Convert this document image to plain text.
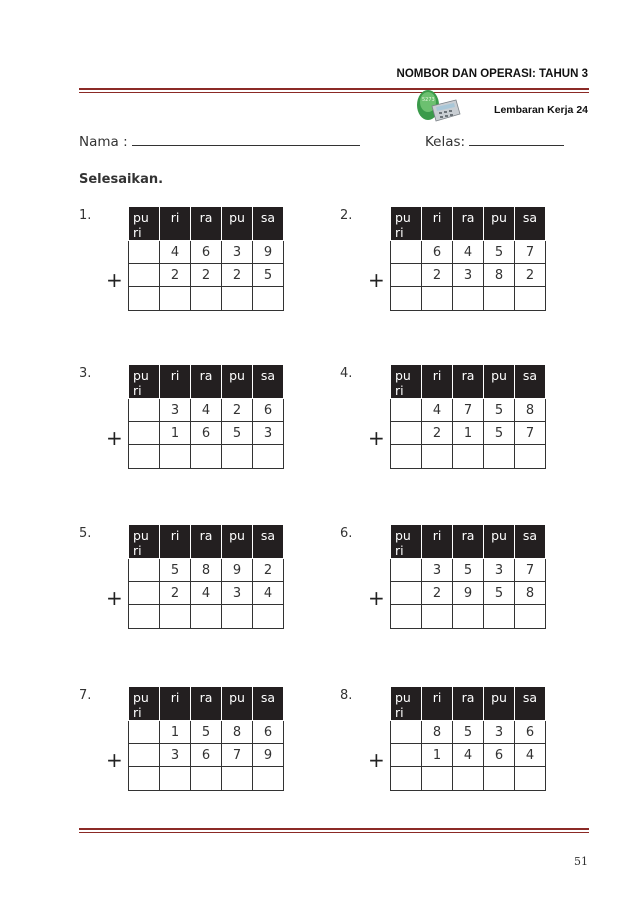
NOMBOR DAN OPERASI: TAHUN 3
5273
Lembaran Kerja 24
Nama :	Kelas:
Selesaikan.
1.
+
pu ri	ri	ra	pu	sa
	4	6	3	9
	2	2	2	5

2.
+
pu ri	ri	ra	pu	sa
	6	4	5	7
	2	3	8	2

3.
+
pu ri	ri	ra	pu	sa
	3	4	2	6
	1	6	5	3

4.
+
pu ri	ri	ra	pu	sa
	4	7	5	8
	2	1	5	7

5.
+
pu ri	ri	ra	pu	sa
	5	8	9	2
	2	4	3	4

6.
+
pu ri	ri	ra	pu	sa
	3	5	3	7
	2	9	5	8

7.
+
pu ri	ri	ra	pu	sa
	1	5	8	6
	3	6	7	9

8.
+
pu ri	ri	ra	pu	sa
	8	5	3	6
	1	4	6	4

51
